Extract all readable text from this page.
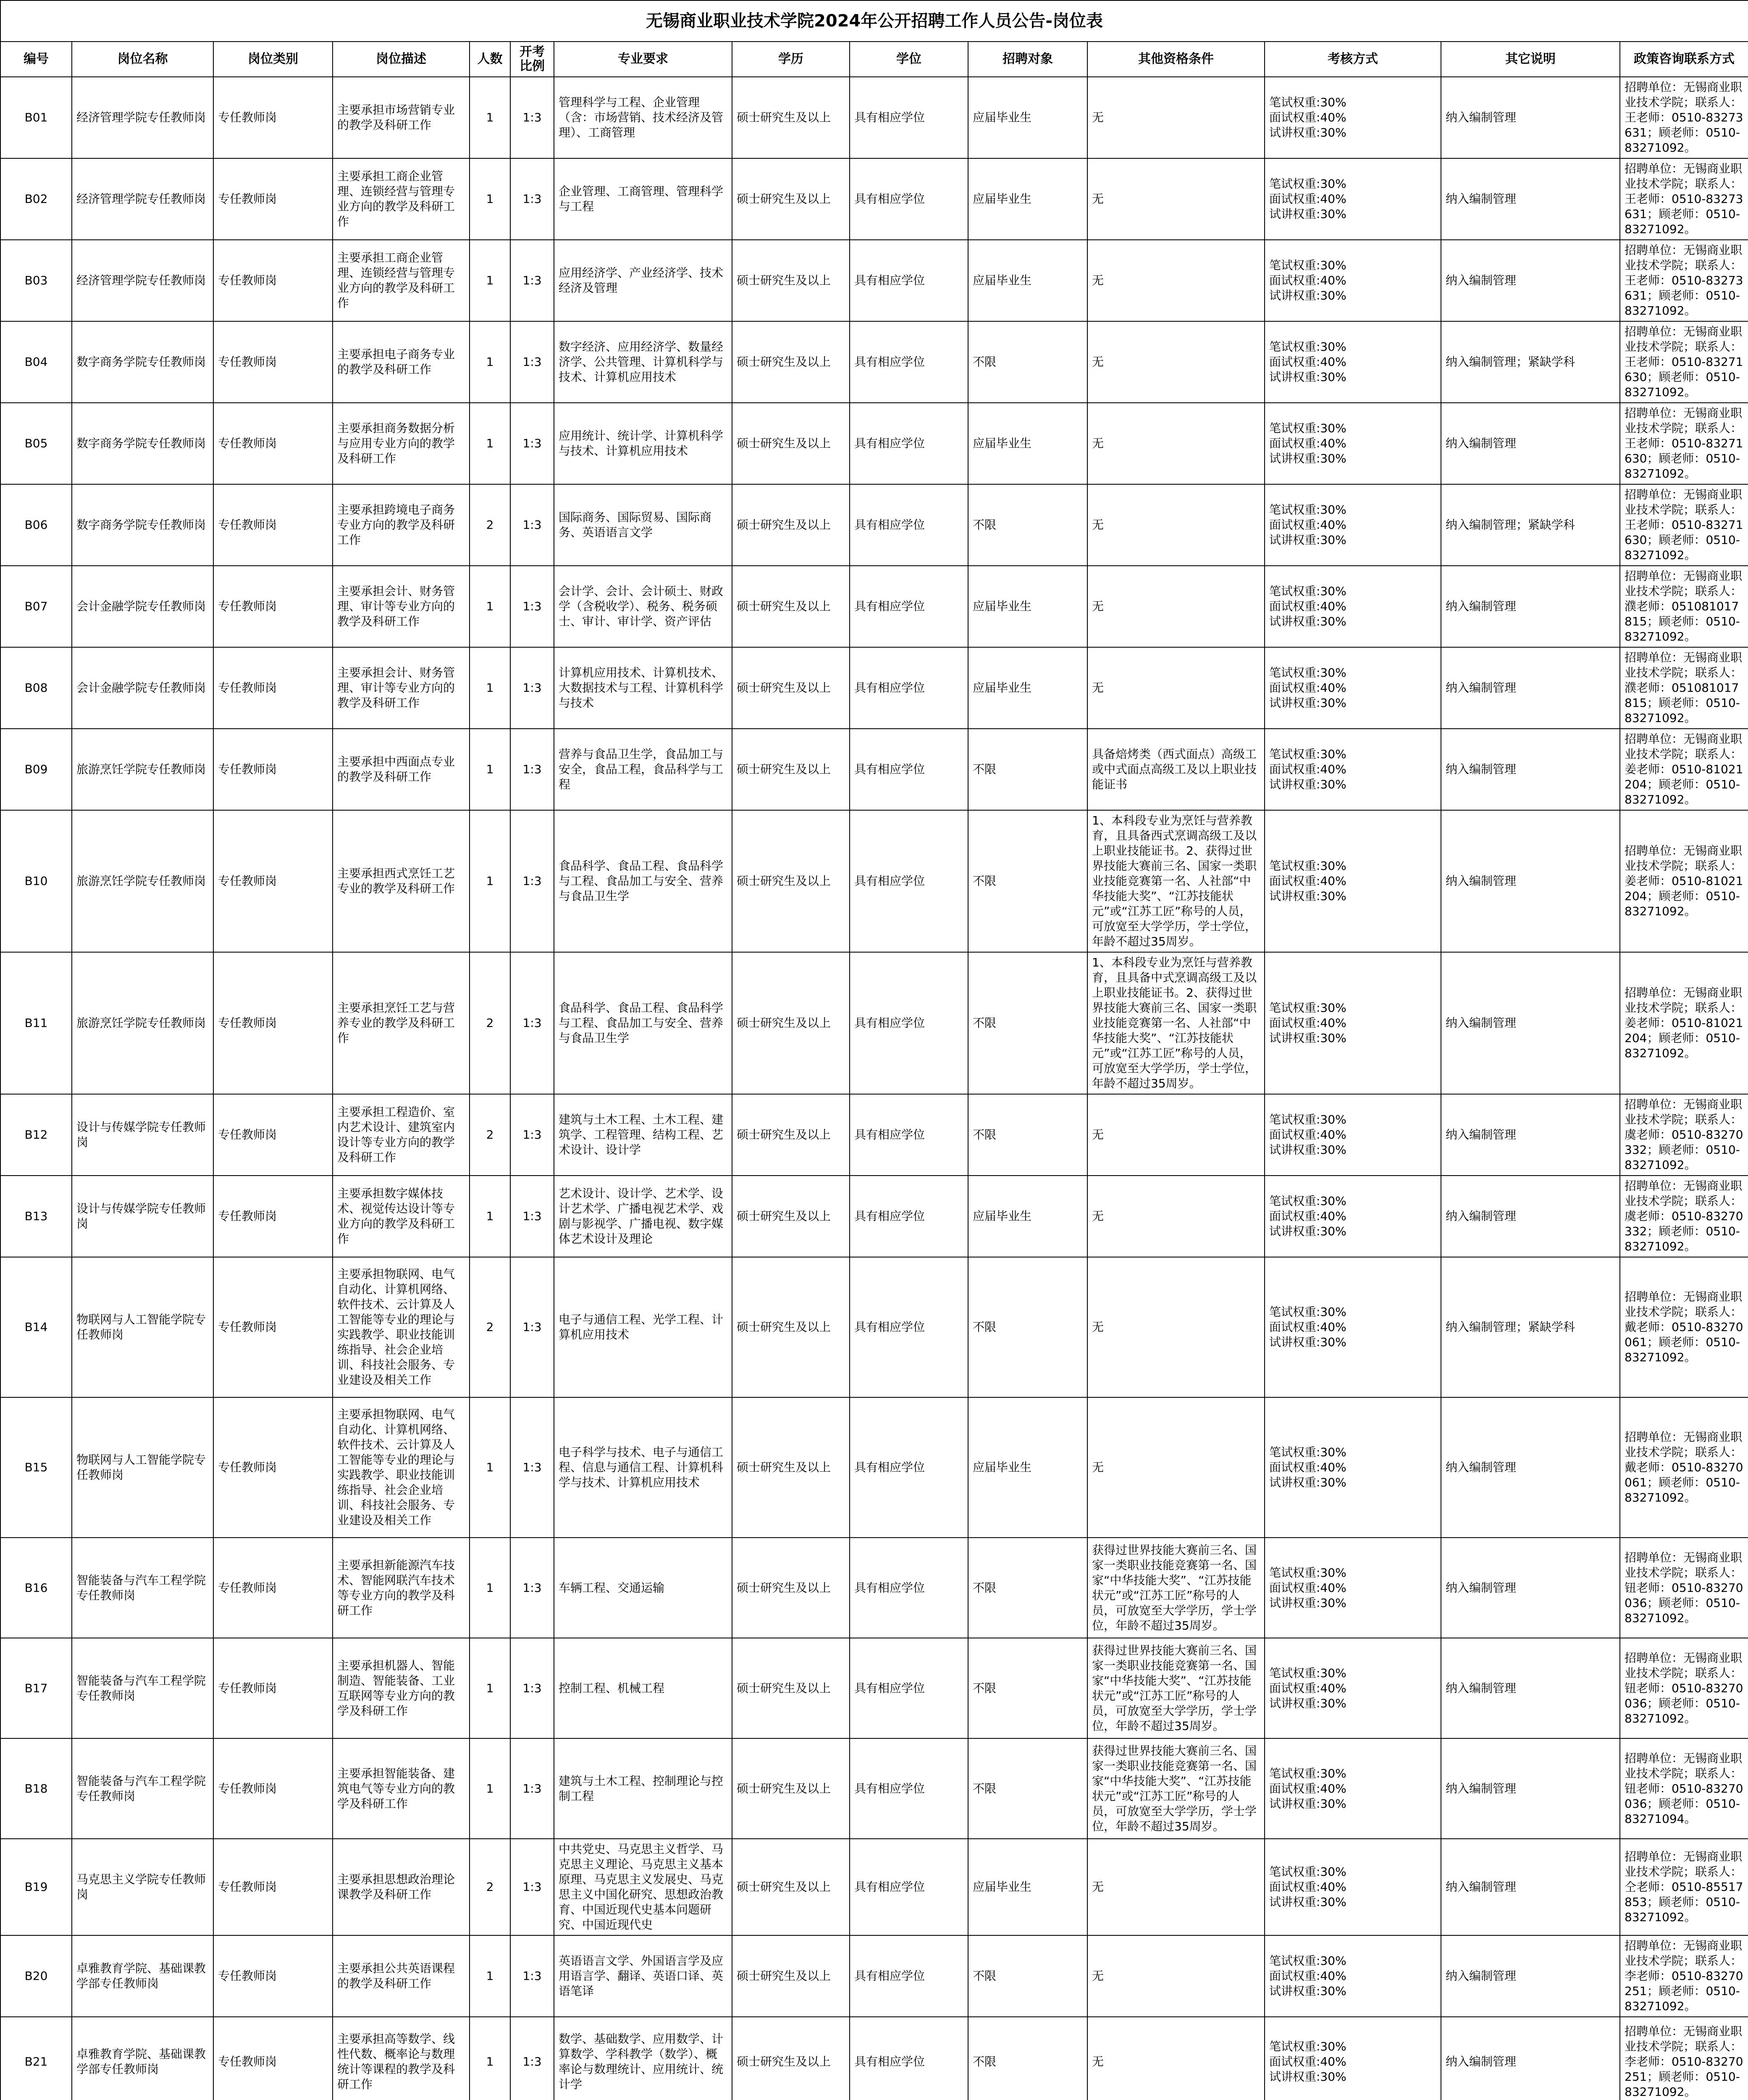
无锡商业职业技术学院2024年公开招聘工作人员公告-岗位表													
编号	岗位名称	岗位类别	岗位描述	人数	开考比例	专业要求	学历	学位	招聘对象	其他资格条件	考核方式	其它说明	政策咨询联系方式
B01	经济管理学院专任教师岗	专任教师岗	主要承担市场营销专业的教学及科研工作	1	1:3	管理科学与工程、企业管理（含：市场营销、技术经济及管理）、工商管理	硕士研究生及以上	具有相应学位	应届毕业生	无	笔试权重:30%
面试权重:40%
试讲权重:30%	纳入编制管理	招聘单位：无锡商业职业技术学院；联系人：王老师：0510-83273631；顾老师：0510-83271092。
B02	经济管理学院专任教师岗	专任教师岗	主要承担工商企业管理、连锁经营与管理专业方向的教学及科研工作	1	1:3	企业管理、工商管理、管理科学与工程	硕士研究生及以上	具有相应学位	应届毕业生	无	笔试权重:30%
面试权重:40%
试讲权重:30%	纳入编制管理	招聘单位：无锡商业职业技术学院；联系人：王老师：0510-83273631；顾老师：0510-83271092。
B03	经济管理学院专任教师岗	专任教师岗	主要承担工商企业管理、连锁经营与管理专业方向的教学及科研工作	1	1:3	应用经济学、产业经济学、技术经济及管理	硕士研究生及以上	具有相应学位	应届毕业生	无	笔试权重:30%
面试权重:40%
试讲权重:30%	纳入编制管理	招聘单位：无锡商业职业技术学院；联系人：王老师：0510-83273631；顾老师：0510-83271092。
B04	数字商务学院专任教师岗	专任教师岗	主要承担电子商务专业的教学及科研工作	1	1:3	数字经济、应用经济学、数量经济学、公共管理、计算机科学与技术、计算机应用技术	硕士研究生及以上	具有相应学位	不限	无	笔试权重:30%
面试权重:40%
试讲权重:30%	纳入编制管理；紧缺学科	招聘单位：无锡商业职业技术学院；联系人：王老师：0510-83271630；顾老师：0510-83271092。
B05	数字商务学院专任教师岗	专任教师岗	主要承担商务数据分析与应用专业方向的教学及科研工作	1	1:3	应用统计、统计学、计算机科学与技术、计算机应用技术	硕士研究生及以上	具有相应学位	应届毕业生	无	笔试权重:30%
面试权重:40%
试讲权重:30%	纳入编制管理	招聘单位：无锡商业职业技术学院；联系人：王老师：0510-83271630；顾老师：0510-83271092。
B06	数字商务学院专任教师岗	专任教师岗	主要承担跨境电子商务专业方向的教学及科研工作	2	1:3	国际商务、国际贸易、国际商务、英语语言文学	硕士研究生及以上	具有相应学位	不限	无	笔试权重:30%
面试权重:40%
试讲权重:30%	纳入编制管理；紧缺学科	招聘单位：无锡商业职业技术学院；联系人：王老师：0510-83271630；顾老师：0510-83271092。
B07	会计金融学院专任教师岗	专任教师岗	主要承担会计、财务管理、审计等专业方向的教学及科研工作	1	1:3	会计学、会计、会计硕士、财政学（含税收学）、税务、税务硕士、审计、审计学、资产评估	硕士研究生及以上	具有相应学位	应届毕业生	无	笔试权重:30%
面试权重:40%
试讲权重:30%	纳入编制管理	招聘单位：无锡商业职业技术学院；联系人：濮老师：051081017815；顾老师：0510-83271092。
B08	会计金融学院专任教师岗	专任教师岗	主要承担会计、财务管理、审计等专业方向的教学及科研工作	1	1:3	计算机应用技术、计算机技术、大数据技术与工程、计算机科学与技术	硕士研究生及以上	具有相应学位	应届毕业生	无	笔试权重:30%
面试权重:40%
试讲权重:30%	纳入编制管理	招聘单位：无锡商业职业技术学院；联系人：濮老师：051081017815；顾老师：0510-83271092。
B09	旅游烹饪学院专任教师岗	专任教师岗	主要承担中西面点专业的教学及科研工作	1	1:3	营养与食品卫生学，食品加工与安全，食品工程，食品科学与工程	硕士研究生及以上	具有相应学位	不限	具备焙烤类（西式面点）高级工或中式面点高级工及以上职业技能证书	笔试权重:30%
面试权重:40%
试讲权重:30%	纳入编制管理	招聘单位：无锡商业职业技术学院；联系人：姜老师：0510-81021204；顾老师：0510-83271092。
B10	旅游烹饪学院专任教师岗	专任教师岗	主要承担西式烹饪工艺专业的教学及科研工作	1	1:3	食品科学、食品工程、食品科学与工程、食品加工与安全、营养与食品卫生学	硕士研究生及以上	具有相应学位	不限	1、本科段专业为烹饪与营养教育，且具备西式烹调高级工及以上职业技能证书。2、获得过世界技能大赛前三名、国家一类职业技能竞赛第一名、人社部“中华技能大奖”、“江苏技能状元”或“江苏工匠”称号的人员，可放宽至大学学历，学士学位，年龄不超过35周岁。	笔试权重:30%
面试权重:40%
试讲权重:30%	纳入编制管理	招聘单位：无锡商业职业技术学院；联系人：姜老师：0510-81021204；顾老师：0510-83271092。
B11	旅游烹饪学院专任教师岗	专任教师岗	主要承担烹饪工艺与营养专业的教学及科研工作	2	1:3	食品科学、食品工程、食品科学与工程、食品加工与安全、营养与食品卫生学	硕士研究生及以上	具有相应学位	不限	1、本科段专业为烹饪与营养教育，且具备中式烹调高级工及以上职业技能证书。2、获得过世界技能大赛前三名、国家一类职业技能竞赛第一名、人社部“中华技能大奖”、“江苏技能状元”或“江苏工匠”称号的人员，可放宽至大学学历，学士学位，年龄不超过35周岁。	笔试权重:30%
面试权重:40%
试讲权重:30%	纳入编制管理	招聘单位：无锡商业职业技术学院；联系人：姜老师：0510-81021204；顾老师：0510-83271092。
B12	设计与传媒学院专任教师岗	专任教师岗	主要承担工程造价、室内艺术设计、建筑室内设计等专业方向的教学及科研工作	2	1:3	建筑与土木工程、土木工程、建筑学、工程管理、结构工程、艺术设计、设计学	硕士研究生及以上	具有相应学位	不限	无	笔试权重:30%
面试权重:40%
试讲权重:30%	纳入编制管理	招聘单位：无锡商业职业技术学院；联系人：虞老师：0510-83270332；顾老师：0510-83271092。
B13	设计与传媒学院专任教师岗	专任教师岗	主要承担数字媒体技术、视觉传达设计等专业方向的教学及科研工作	1	1:3	艺术设计、设计学、艺术学、设计艺术学、广播电视艺术学、戏剧与影视学、广播电视、数字媒体艺术设计及理论	硕士研究生及以上	具有相应学位	应届毕业生	无	笔试权重:30%
面试权重:40%
试讲权重:30%	纳入编制管理	招聘单位：无锡商业职业技术学院；联系人：虞老师：0510-83270332；顾老师：0510-83271092。
B14	物联网与人工智能学院专任教师岗	专任教师岗	主要承担物联网、电气自动化、计算机网络、软件技术、云计算及人工智能等专业的理论与实践教学、职业技能训练指导、社会企业培训、科技社会服务、专业建设及相关工作	2	1:3	电子与通信工程、光学工程、计算机应用技术	硕士研究生及以上	具有相应学位	不限	无	笔试权重:30%
面试权重:40%
试讲权重:30%	纳入编制管理；紧缺学科	招聘单位：无锡商业职业技术学院；联系人：戴老师：0510-83270061；顾老师：0510-83271092。
B15	物联网与人工智能学院专任教师岗	专任教师岗	主要承担物联网、电气自动化、计算机网络、软件技术、云计算及人工智能等专业的理论与实践教学、职业技能训练指导、社会企业培训、科技社会服务、专业建设及相关工作	1	1:3	电子科学与技术、电子与通信工程、信息与通信工程、计算机科学与技术、计算机应用技术	硕士研究生及以上	具有相应学位	应届毕业生	无	笔试权重:30%
面试权重:40%
试讲权重:30%	纳入编制管理	招聘单位：无锡商业职业技术学院；联系人：戴老师：0510-83270061；顾老师：0510-83271092。
B16	智能装备与汽车工程学院专任教师岗	专任教师岗	主要承担新能源汽车技术、智能网联汽车技术等专业方向的教学及科研工作	1	1:3	车辆工程、交通运输	硕士研究生及以上	具有相应学位	不限	获得过世界技能大赛前三名、国家一类职业技能竞赛第一名、国家“中华技能大奖”、“江苏技能状元”或“江苏工匠”称号的人员，可放宽至大学学历，学士学位，年龄不超过35周岁。	笔试权重:30%
面试权重:40%
试讲权重:30%	纳入编制管理	招聘单位：无锡商业职业技术学院；联系人：钮老师：0510-83270036；顾老师：0510-83271092。
B17	智能装备与汽车工程学院专任教师岗	专任教师岗	主要承担机器人、智能制造、智能装备、工业互联网等专业方向的教学及科研工作	1	1:3	控制工程、机械工程	硕士研究生及以上	具有相应学位	不限	获得过世界技能大赛前三名、国家一类职业技能竞赛第一名、国家“中华技能大奖”、“江苏技能状元”或“江苏工匠”称号的人员，可放宽至大学学历，学士学位，年龄不超过35周岁。	笔试权重:30%
面试权重:40%
试讲权重:30%	纳入编制管理	招聘单位：无锡商业职业技术学院；联系人：钮老师：0510-83270036；顾老师：0510-83271092。
B18	智能装备与汽车工程学院专任教师岗	专任教师岗	主要承担智能装备、建筑电气等专业方向的教学及科研工作	1	1:3	建筑与土木工程、控制理论与控制工程	硕士研究生及以上	具有相应学位	不限	获得过世界技能大赛前三名、国家一类职业技能竞赛第一名、国家“中华技能大奖”、“江苏技能状元”或“江苏工匠”称号的人员，可放宽至大学学历，学士学位，年龄不超过35周岁。	笔试权重:30%
面试权重:40%
试讲权重:30%	纳入编制管理	招聘单位：无锡商业职业技术学院；联系人：钮老师：0510-83270036；顾老师：0510-83271094。
B19	马克思主义学院专任教师岗	专任教师岗	主要承担思想政治理论课教学及科研工作	2	1:3	中共党史、马克思主义哲学、马克思主义理论、马克思主义基本原理、马克思主义发展史、马克思主义中国化研究、思想政治教育、中国近现代史基本问题研究、中国近现代史	硕士研究生及以上	具有相应学位	应届毕业生	无	笔试权重:30%
面试权重:40%
试讲权重:30%	纳入编制管理	招聘单位：无锡商业职业技术学院；联系人：仝老师：0510-85517853；顾老师：0510-83271092。
B20	卓雅教育学院、基础课教学部专任教师岗	专任教师岗	主要承担公共英语课程的教学及科研工作	1	1:3	英语语言文学、外国语言学及应用语言学、翻译、英语口译、英语笔译	硕士研究生及以上	具有相应学位	不限	无	笔试权重:30%
面试权重:40%
试讲权重:30%	纳入编制管理	招聘单位：无锡商业职业技术学院；联系人：李老师：0510-83270251；顾老师：0510-83271092。
B21	卓雅教育学院、基础课教学部专任教师岗	专任教师岗	主要承担高等数学、线性代数、概率论与数理统计等课程的教学及科研工作	1	1:3	数学、基础数学、应用数学、计算数学、学科教学（数学）、概率论与数理统计、应用统计、统计学	硕士研究生及以上	具有相应学位	不限	无	笔试权重:30%
面试权重:40%
试讲权重:30%	纳入编制管理	招聘单位：无锡商业职业技术学院；联系人：李老师：0510-83270251；顾老师：0510-83271092。
